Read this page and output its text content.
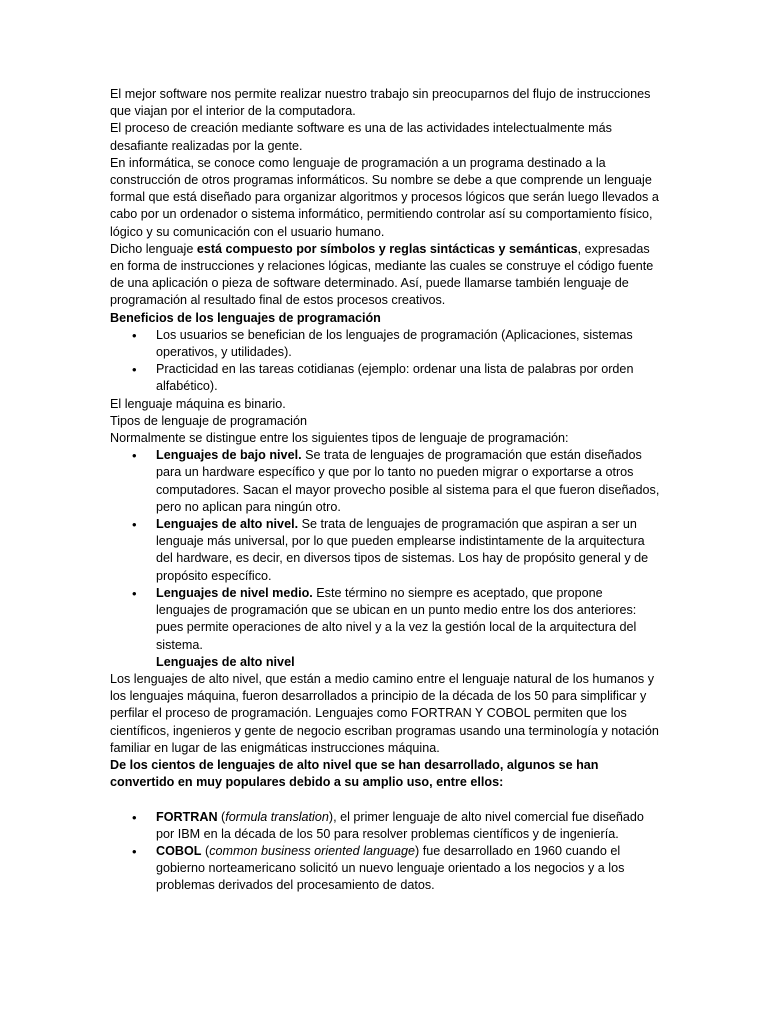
El mejor software nos permite realizar nuestro trabajo sin preocuparnos del flujo de instrucciones que viajan por el interior de la computadora.

El proceso de creación mediante software es una de las actividades intelectualmente más desafiante realizadas por la gente.

En informática, se conoce como lenguaje de programación a un programa destinado a la construcción de otros programas informáticos. Su nombre se debe a que comprende un lenguaje formal que está diseñado para organizar algoritmos y procesos lógicos que serán luego llevados a cabo por un ordenador o sistema informático, permitiendo controlar así su comportamiento físico, lógico y su comunicación con el usuario humano.

Dicho lenguaje está compuesto por símbolos y reglas sintácticas y semánticas, expresadas en forma de instrucciones y relaciones lógicas, mediante las cuales se construye el código fuente de una aplicación o pieza de software determinado. Así, puede llamarse también lenguaje de programación al resultado final de estos procesos creativos.

Beneficios de los lenguajes de programación

• Los usuarios se benefician de los lenguajes de programación (Aplicaciones, sistemas operativos, y utilidades).
• Practicidad en las tareas cotidianas (ejemplo: ordenar una lista de palabras por orden alfabético).

El lenguaje máquina es binario.

Tipos de lenguaje de programación

Normalmente se distingue entre los siguientes tipos de lenguaje de programación:

• Lenguajes de bajo nivel. Se trata de lenguajes de programación que están diseñados para un hardware específico y que por lo tanto no pueden migrar o exportarse a otros computadores. Sacan el mayor provecho posible al sistema para el que fueron diseñados, pero no aplican para ningún otro.
• Lenguajes de alto nivel. Se trata de lenguajes de programación que aspiran a ser un lenguaje más universal, por lo que pueden emplearse indistintamente de la arquitectura del hardware, es decir, en diversos tipos de sistemas. Los hay de propósito general y de propósito específico.
• Lenguajes de nivel medio. Este término no siempre es aceptado, que propone lenguajes de programación que se ubican en un punto medio entre los dos anteriores: pues permite operaciones de alto nivel y a la vez la gestión local de la arquitectura del sistema.

Lenguajes de alto nivel

Los lenguajes de alto nivel, que están a medio camino entre el lenguaje natural de los humanos y los lenguajes máquina, fueron desarrollados a principio de la década de los 50 para simplificar y perfilar el proceso de programación. Lenguajes como FORTRAN Y COBOL permiten que los científicos, ingenieros y gente de negocio escriban programas usando una terminología y notación familiar en lugar de las enigmáticas instrucciones máquina.

De los cientos de lenguajes de alto nivel que se han desarrollado, algunos se han convertido en muy populares debido a su amplio uso, entre ellos:

• FORTRAN (formula translation), el primer lenguaje de alto nivel comercial fue diseñado por IBM en la década de los 50 para resolver problemas científicos y de ingeniería.
• COBOL (common business oriented language) fue desarrollado en 1960 cuando el gobierno norteamericano solicitó un nuevo lenguaje orientado a los negocios y a los problemas derivados del procesamiento de datos.
